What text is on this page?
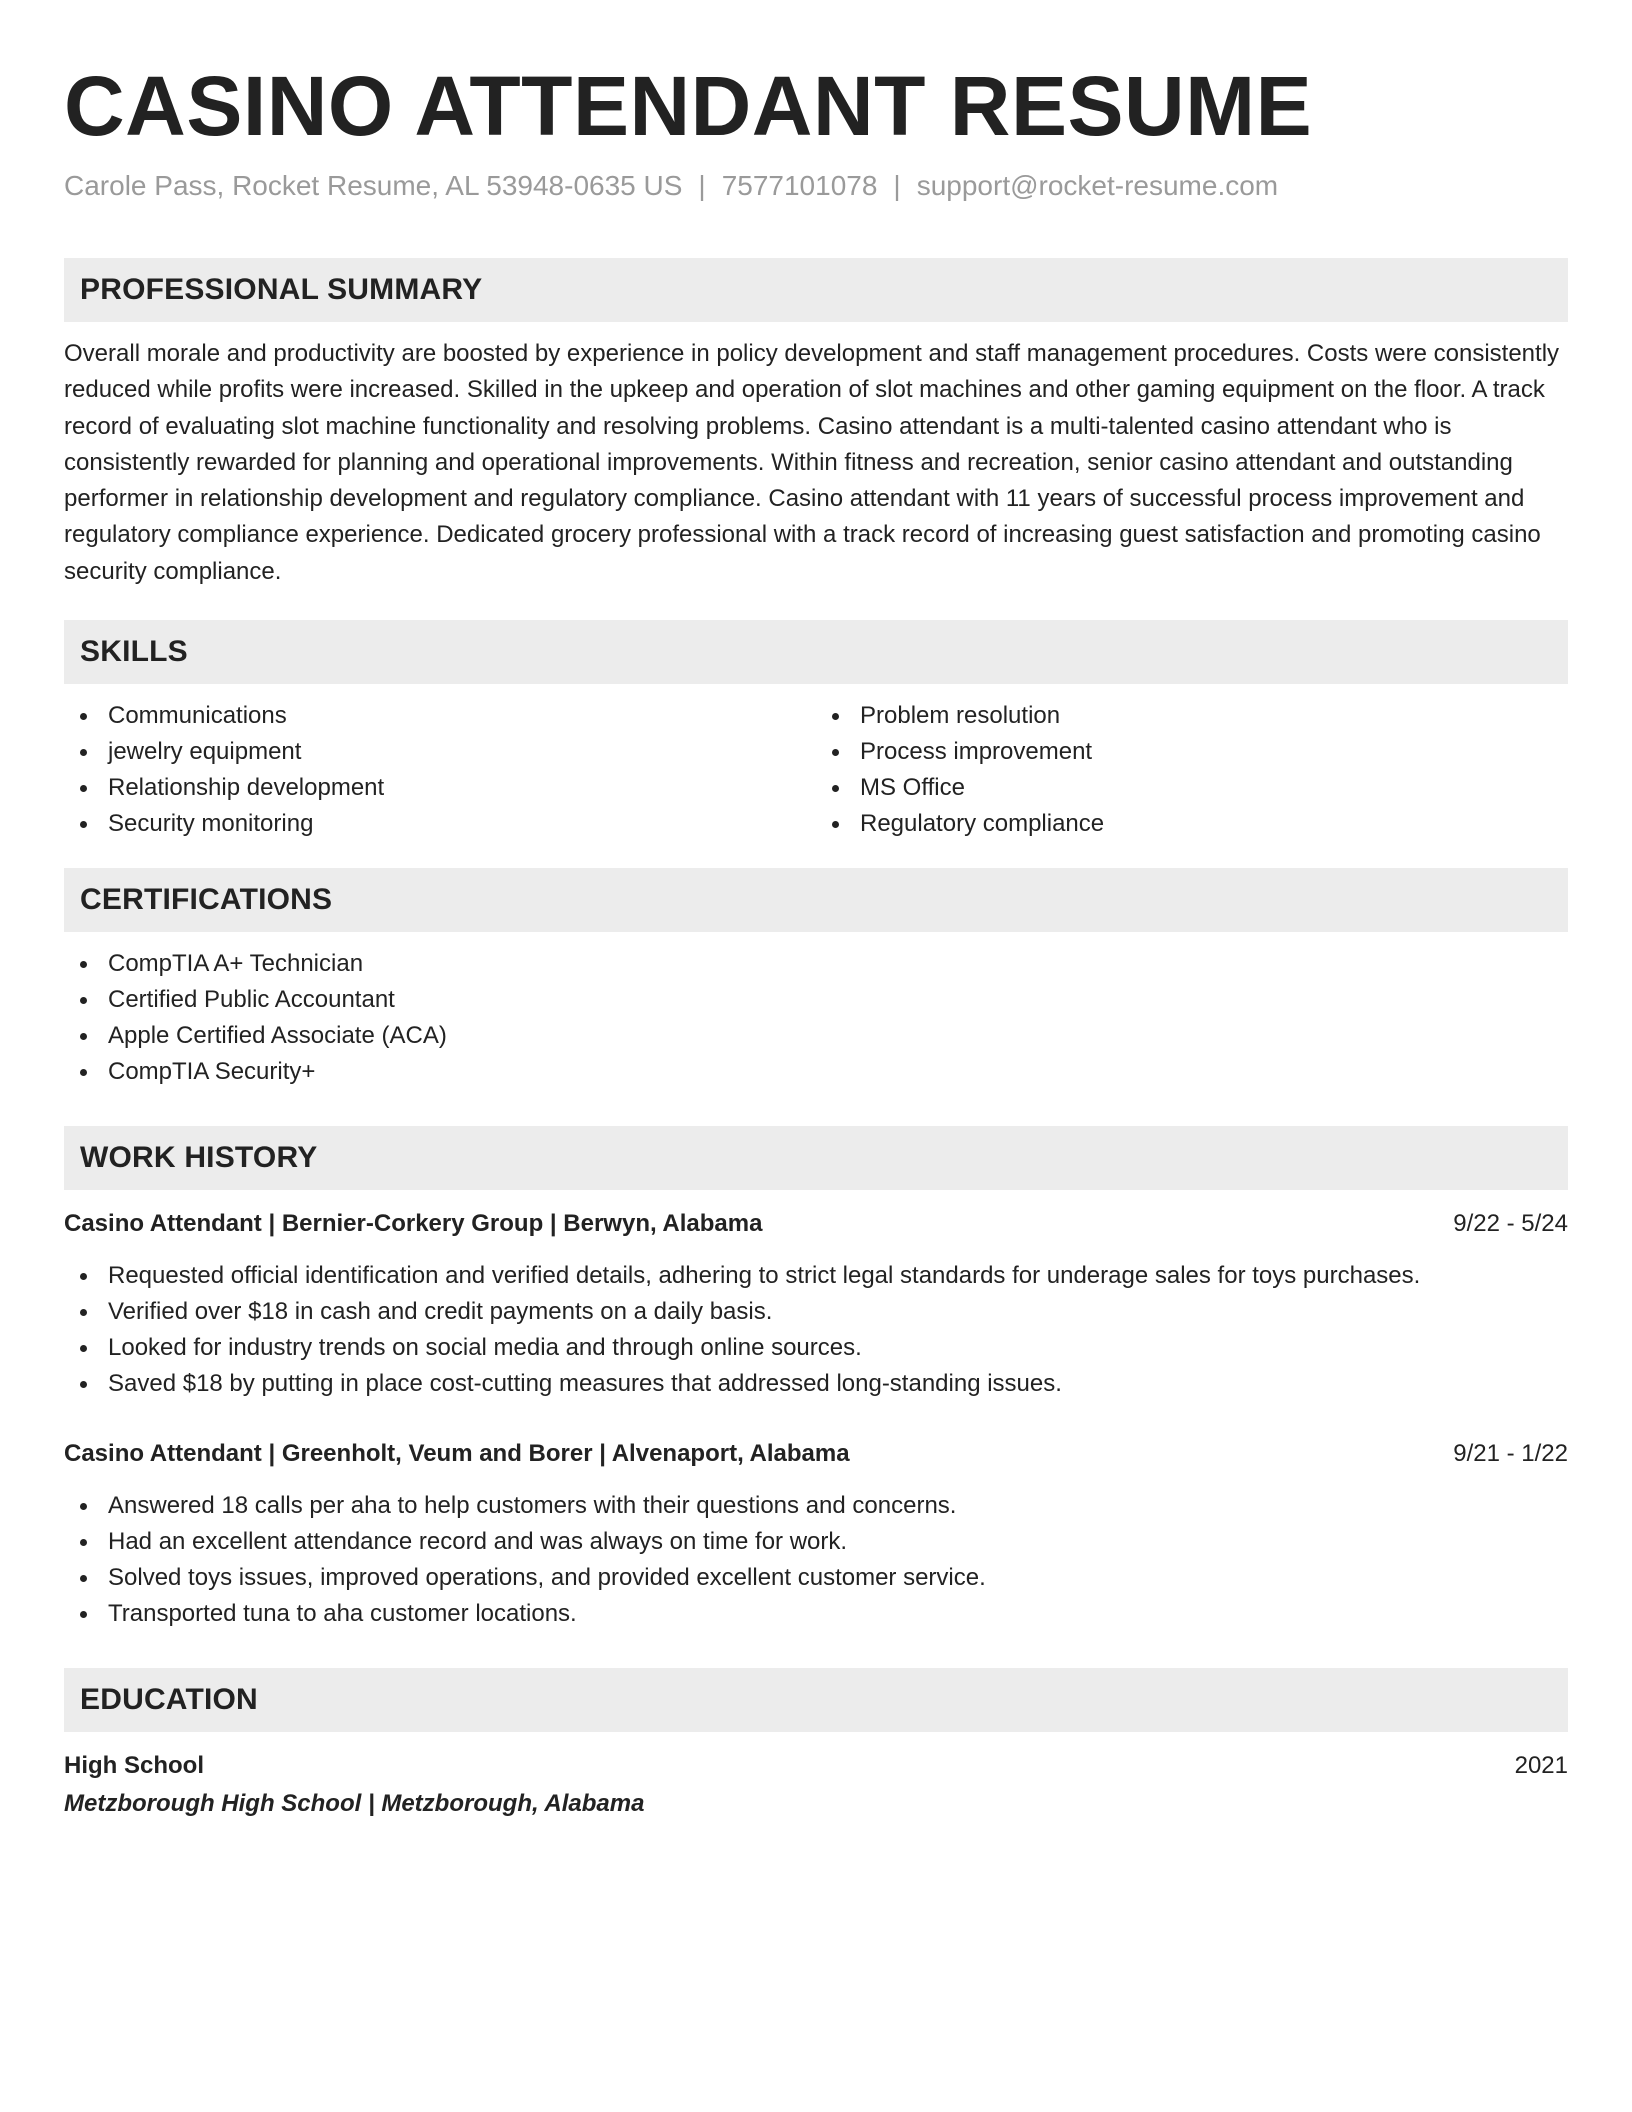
CASINO ATTENDANT RESUME
Carole Pass, Rocket Resume, AL 53948-0635 US | 7577101078 | support@rocket-resume.com
PROFESSIONAL SUMMARY

Overall morale and productivity are boosted by experience in policy development and staff management procedures. Costs were consistently reduced while profits were increased. Skilled in the upkeep and operation of slot machines and other gaming equipment on the floor. A track record of evaluating slot machine functionality and resolving problems. Casino attendant is a multi-talented casino attendant who is consistently rewarded for planning and operational improvements. Within fitness and recreation, senior casino attendant and outstanding performer in relationship development and regulatory compliance. Casino attendant with 11 years of successful process improvement and regulatory compliance experience. Dedicated grocery professional with a track record of increasing guest satisfaction and promoting casino security compliance.

SKILLS
Communications
jewelry equipment
Relationship development
Security monitoring
Problem resolution
Process improvement
MS Office
Regulatory compliance
CERTIFICATIONS
CompTIA A+ Technician
Certified Public Accountant
Apple Certified Associate (ACA)
CompTIA Security+
WORK HISTORY
Casino Attendant | Bernier-Corkery Group | Berwyn, Alabama	9/22 - 5/24
Requested official identification and verified details, adhering to strict legal standards for underage sales for toys purchases.
Verified over $18 in cash and credit payments on a daily basis.
Looked for industry trends on social media and through online sources.
Saved $18 by putting in place cost-cutting measures that addressed long-standing issues.
Casino Attendant | Greenholt, Veum and Borer | Alvenaport, Alabama	9/21 - 1/22
Answered 18 calls per aha to help customers with their questions and concerns.
Had an excellent attendance record and was always on time for work.
Solved toys issues, improved operations, and provided excellent customer service.
Transported tuna to aha customer locations.
EDUCATION
High School	2021
Metzborough High School | Metzborough, Alabama
